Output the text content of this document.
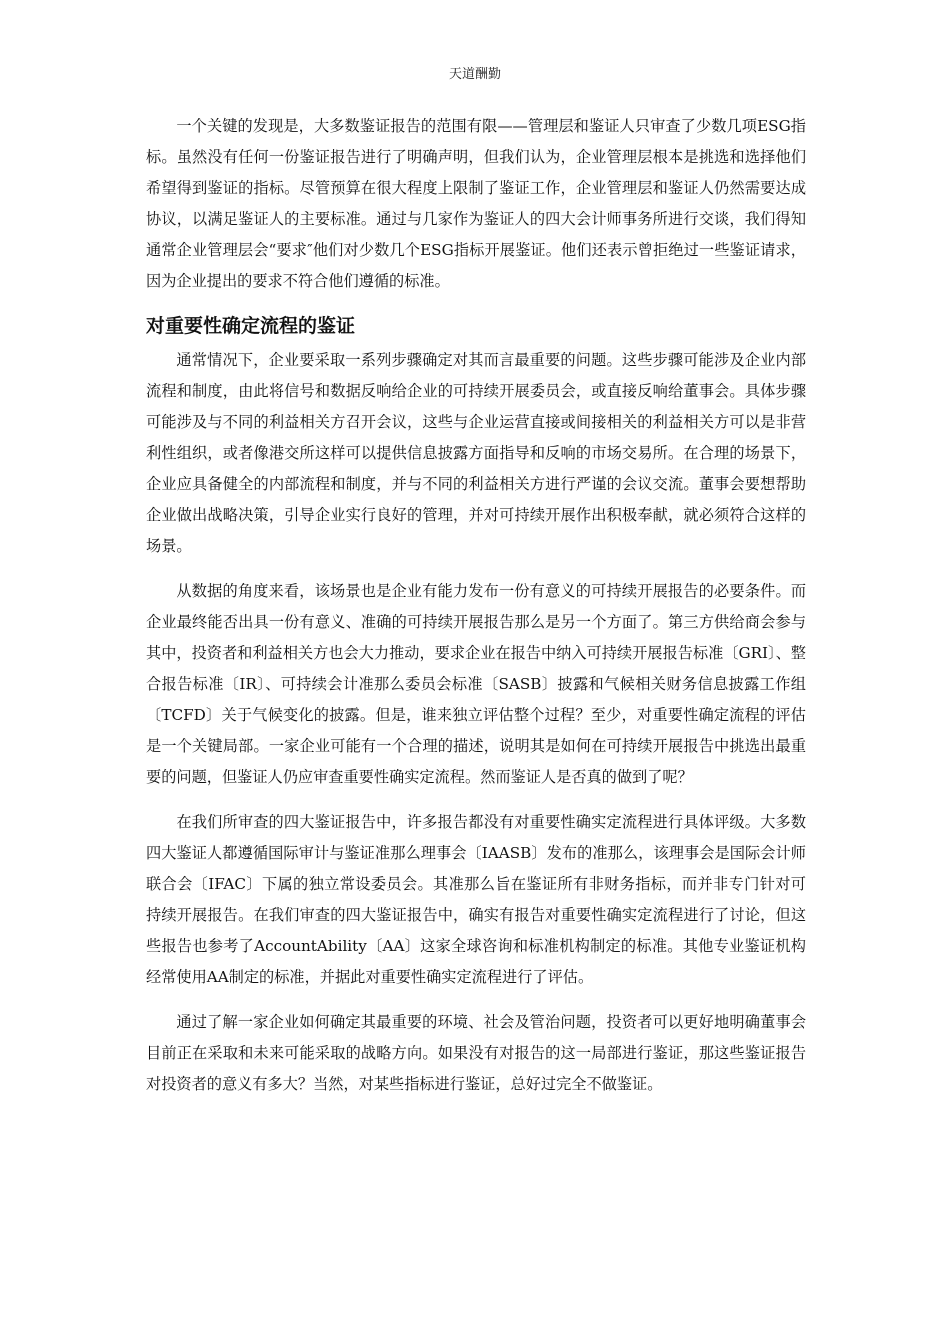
天道酬勤

一个关键的发现是，大多数鉴证报告的范围有限——管理层和鉴证人只审查了少数几项ESG指标。虽然没有任何一份鉴证报告进行了明确声明，但我们认为，企业管理层根本是挑选和选择他们希望得到鉴证的指标。尽管预算在很大程度上限制了鉴证工作，企业管理层和鉴证人仍然需要达成协议，以满足鉴证人的主要标准。通过与几家作为鉴证人的四大会计师事务所进行交谈，我们得知通常企业管理层会“要求″他们对少数几个ESG指标开展鉴证。他们还表示曾拒绝过一些鉴证请求，因为企业提出的要求不符合他们遵循的标准。

对重要性确定流程的鉴证

通常情况下，企业要采取一系列步骤确定对其而言最重要的问题。这些步骤可能涉及企业内部流程和制度，由此将信号和数据反响给企业的可持续开展委员会，或直接反响给董事会。具体步骤可能涉及与不同的利益相关方召开会议，这些与企业运营直接或间接相关的利益相关方可以是非营利性组织，或者像港交所这样可以提供信息披露方面指导和反响的市场交易所。在合理的场景下，企业应具备健全的内部流程和制度，并与不同的利益相关方进行严谨的会议交流。董事会要想帮助企业做出战略决策，引导企业实行良好的管理，并对可持续开展作出积极奉献，就必须符合这样的场景。

从数据的角度来看，该场景也是企业有能力发布一份有意义的可持续开展报告的必要条件。而企业最终能否出具一份有意义、准确的可持续开展报告那么是另一个方面了。第三方供给商会参与其中，投资者和利益相关方也会大力推动，要求企业在报告中纳入可持续开展报告标准〔GRI〕、整合报告标准〔IR〕、可持续会计准那么委员会标准〔SASB〕披露和气候相关财务信息披露工作组〔TCFD〕关于气候变化的披露。但是，谁来独立评估整个过程？至少，对重要性确定流程的评估是一个关键局部。一家企业可能有一个合理的描述，说明其是如何在可持续开展报告中挑选出最重要的问题，但鉴证人仍应审查重要性确实定流程。然而鉴证人是否真的做到了呢？

在我们所审查的四大鉴证报告中，许多报告都没有对重要性确实定流程进行具体评级。大多数四大鉴证人都遵循国际审计与鉴证准那么理事会〔IAASB〕发布的准那么，该理事会是国际会计师联合会〔IFAC〕下属的独立常设委员会。其准那么旨在鉴证所有非财务指标，而并非专门针对可持续开展报告。在我们审查的四大鉴证报告中，确实有报告对重要性确实定流程进行了讨论，但这些报告也参考了AccountAbility〔AA〕这家全球咨询和标准机构制定的标准。其他专业鉴证机构经常使用AA制定的标准，并据此对重要性确实定流程进行了评估。

通过了解一家企业如何确定其最重要的环境、社会及管治问题，投资者可以更好地明确董事会目前正在采取和未来可能采取的战略方向。如果没有对报告的这一局部进行鉴证，那这些鉴证报告对投资者的意义有多大？当然，对某些指标进行鉴证，总好过完全不做鉴证。
